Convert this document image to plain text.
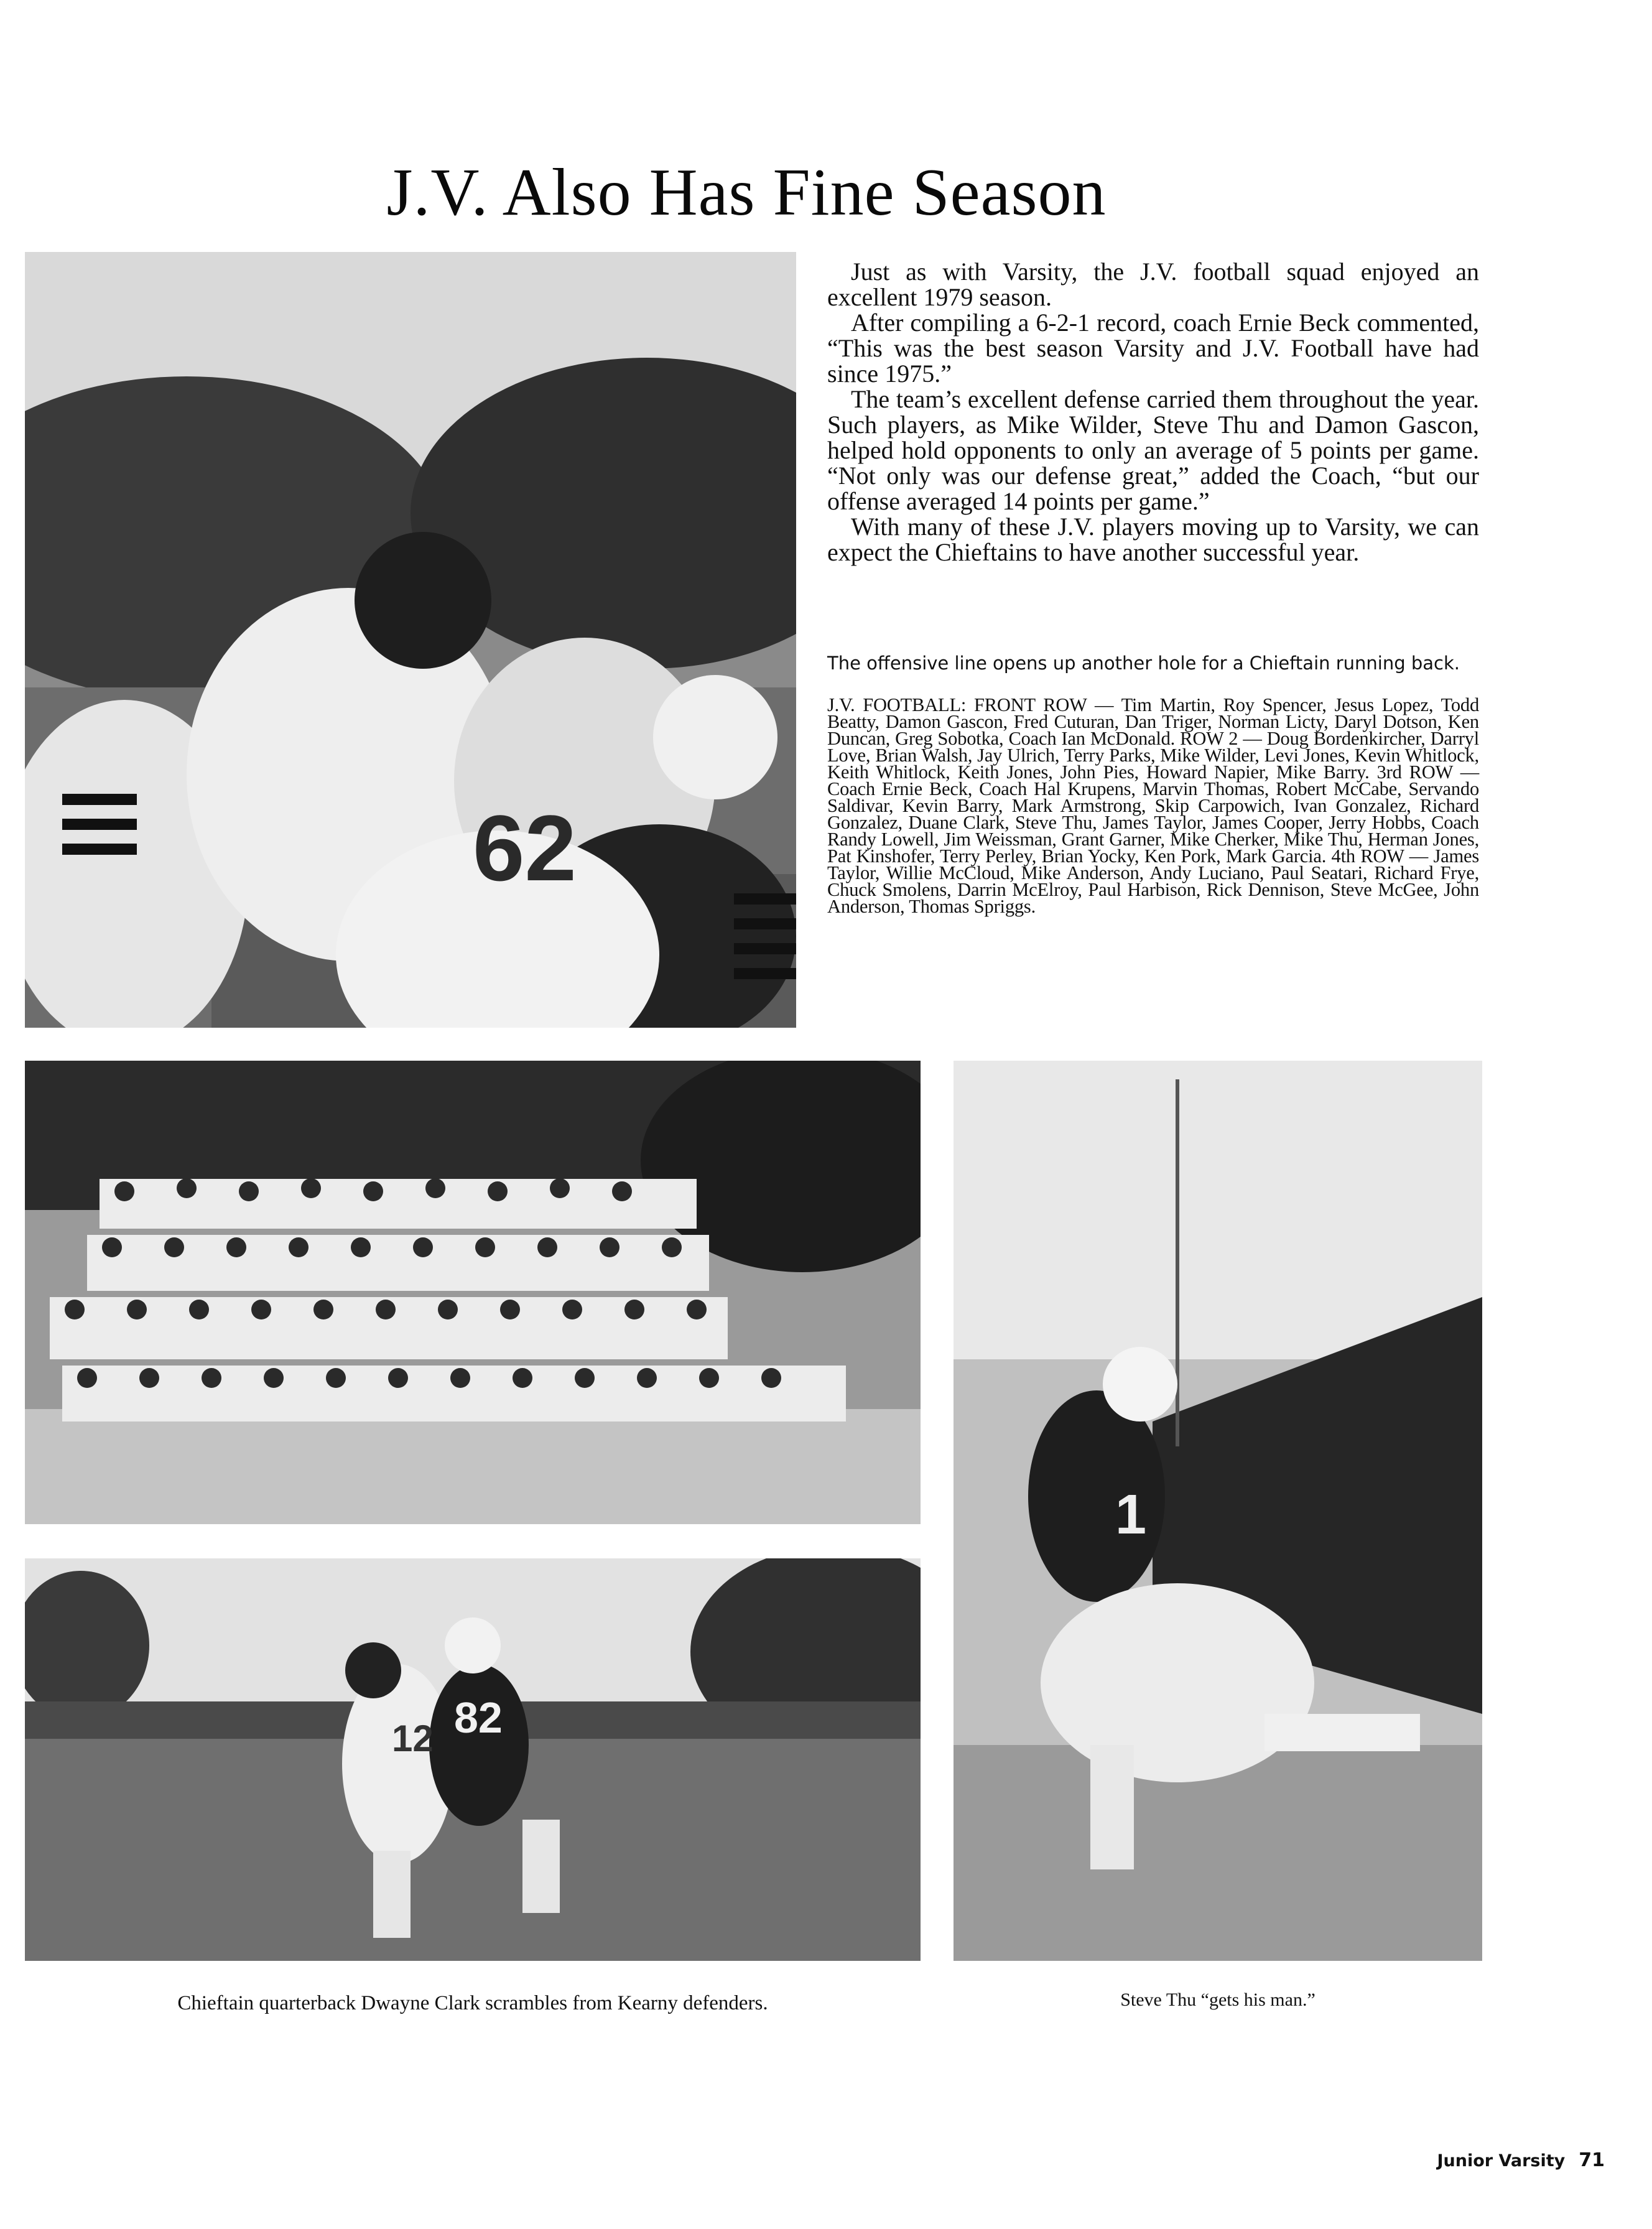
J.V. Also Has Fine Season
62

Just as with Varsity, the J.V. football squad enjoyed an excellent 1979 season.

After compiling a 6-2-1 record, coach Ernie Beck commented, “This was the best season Varsity and J.V. Football have had since 1975.”

The team’s excellent defense carried them throughout the year. Such players, as Mike Wilder, Steve Thu and Damon Gascon, helped hold opponents to only an average of 5 points per game. “Not only was our defense great,” added the Coach, “but our offense averaged 14 points per game.”

With many of these J.V. players moving up to Varsity, we can expect the Chieftains to have another successful year.

The offensive line opens up another hole for a Chieftain running back.

J.V. FOOTBALL: FRONT ROW — Tim Martin, Roy Spencer, Jesus Lopez, Todd Beatty, Damon Gascon, Fred Cuturan, Dan Triger, Norman Licty, Daryl Dotson, Ken Duncan, Greg Sobotka, Coach Ian McDonald. ROW 2 — Doug Bordenkircher, Darryl Love, Brian Walsh, Jay Ulrich, Terry Parks, Mike Wilder, Levi Jones, Kevin Whitlock, Keith Whitlock, Keith Jones, John Pies, Howard Napier, Mike Barry. 3rd ROW — Coach Ernie Beck, Coach Hal Krupens, Marvin Thomas, Robert McCabe, Servando Saldivar, Kevin Barry, Mark Armstrong, Skip Carpowich, Ivan Gonzalez, Richard Gonzalez, Duane Clark, Steve Thu, James Taylor, James Cooper, Jerry Hobbs, Coach Randy Lowell, Jim Weissman, Grant Garner, Mike Cherker, Mike Thu, Herman Jones, Pat Kinshofer, Terry Perley, Brian Yocky, Ken Pork, Mark Garcia. 4th ROW — James Taylor, Willie McCloud, Mike Anderson, Andy Luciano, Paul Seatari, Richard Frye, Chuck Smolens, Darrin McElroy, Paul Harbison, Rick Dennison, Steve McGee, John Anderson, Thomas Spriggs.

12 82
1

Chieftain quarterback Dwayne Clark scrambles from Kearny defenders.	Steve Thu “gets his man.”

Junior Varsity 71
